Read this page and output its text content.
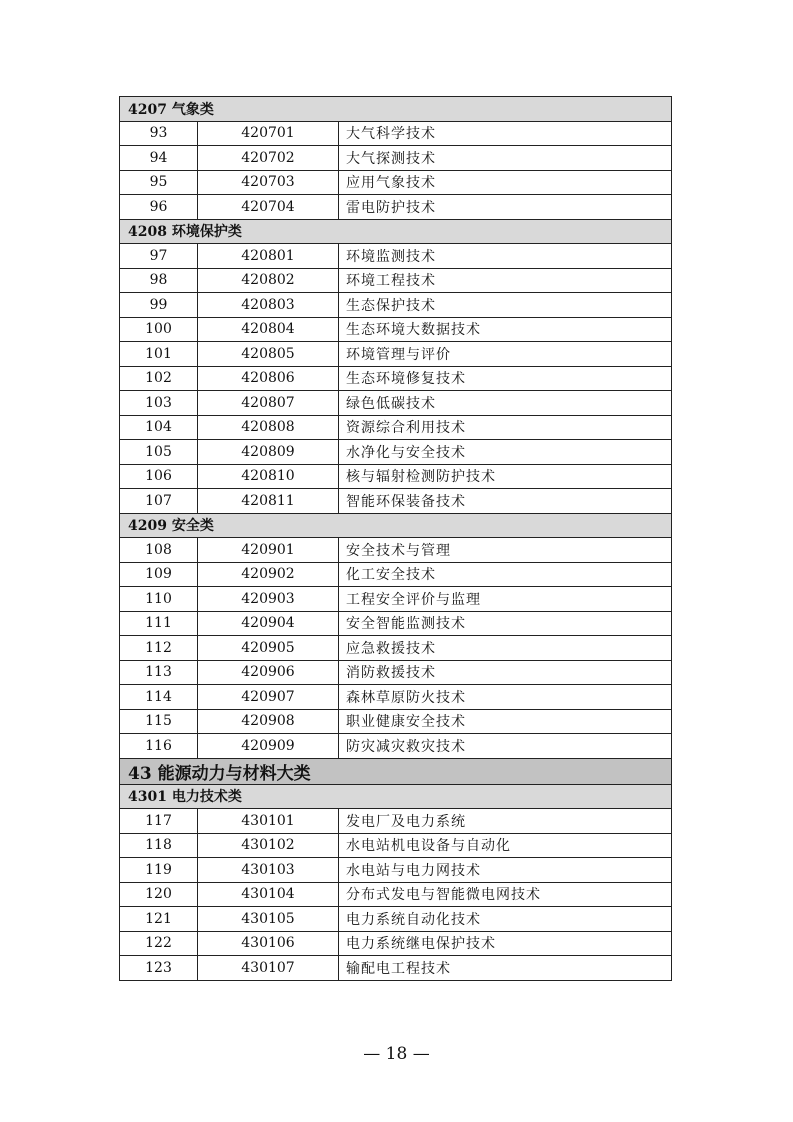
4207 气象类		
93	420701	大气科学技术
94	420702	大气探测技术
95	420703	应用气象技术
96	420704	雷电防护技术
4208 环境保护类		
97	420801	环境监测技术
98	420802	环境工程技术
99	420803	生态保护技术
100	420804	生态环境大数据技术
101	420805	环境管理与评价
102	420806	生态环境修复技术
103	420807	绿色低碳技术
104	420808	资源综合利用技术
105	420809	水净化与安全技术
106	420810	核与辐射检测防护技术
107	420811	智能环保装备技术
4209 安全类		
108	420901	安全技术与管理
109	420902	化工安全技术
110	420903	工程安全评价与监理
111	420904	安全智能监测技术
112	420905	应急救援技术
113	420906	消防救援技术
114	420907	森林草原防火技术
115	420908	职业健康安全技术
116	420909	防灾减灾救灾技术
43 能源动力与材料大类		
4301 电力技术类		
117	430101	发电厂及电力系统
118	430102	水电站机电设备与自动化
119	430103	水电站与电力网技术
120	430104	分布式发电与智能微电网技术
121	430105	电力系统自动化技术
122	430106	电力系统继电保护技术
123	430107	输配电工程技术
— 18 —
